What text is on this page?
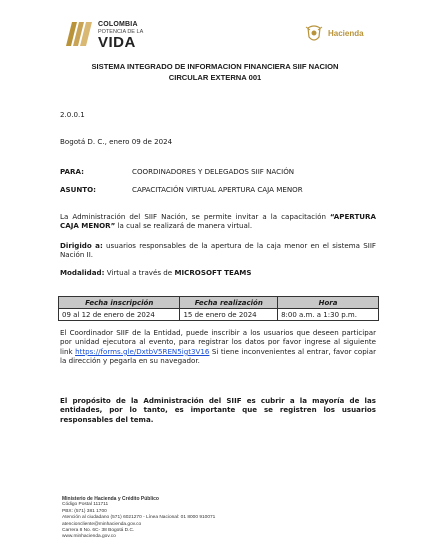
COLOMBIA
POTENCIA DE LA
VIDA
Hacienda
SISTEMA INTEGRADO DE INFORMACION FINANCIERA SIIF NACION
CIRCULAR EXTERNA 001
2.0.0.1
Bogotá D. C., enero 09 de 2024
PARA:	COORDINADORES Y DELEGADOS SIIF NACIÓN
ASUNTO:	CAPACITACIÓN VIRTUAL APERTURA CAJA MENOR
La Administración del SIIF Nación, se permite invitar a la capacitación “APERTURA CAJA MENOR” la cual se realizará de manera virtual.
Dirigido a: usuarios responsables de la apertura de la caja menor en el sistema SIIF Nación II.
Modalidad: Virtual a través de MICROSOFT TEAMS
Fecha inscripción	Fecha realización	Hora
09 al 12 de enero de 2024	15 de enero de 2024	8:00 a.m. a 1:30 p.m.
El Coordinador SIIF de la Entidad, puede inscribir a los usuarios que deseen participar por unidad ejecutora al evento, para registrar los datos por favor ingrese al siguiente link https://forms.gle/DxtbV5REN5igt3V16 Si tiene inconvenientes al entrar, favor copiar la dirección y pegarla en su navegador.
El propósito de la Administración del SIIF es cubrir a la mayoría de las entidades, por lo tanto, es importante que se registren los usuarios responsables del tema.
Ministerio de Hacienda y Crédito Público
Código Postal 111711
PBX: (571) 381 1700
Atención al ciudadano (571) 6021270 - Línea Nacional: 01 8000 910071
atencioncliente@minhacienda.gov.co
Carrera 8 No. 6C- 38 Bogotá D.C.
www.minhacienda.gov.co
